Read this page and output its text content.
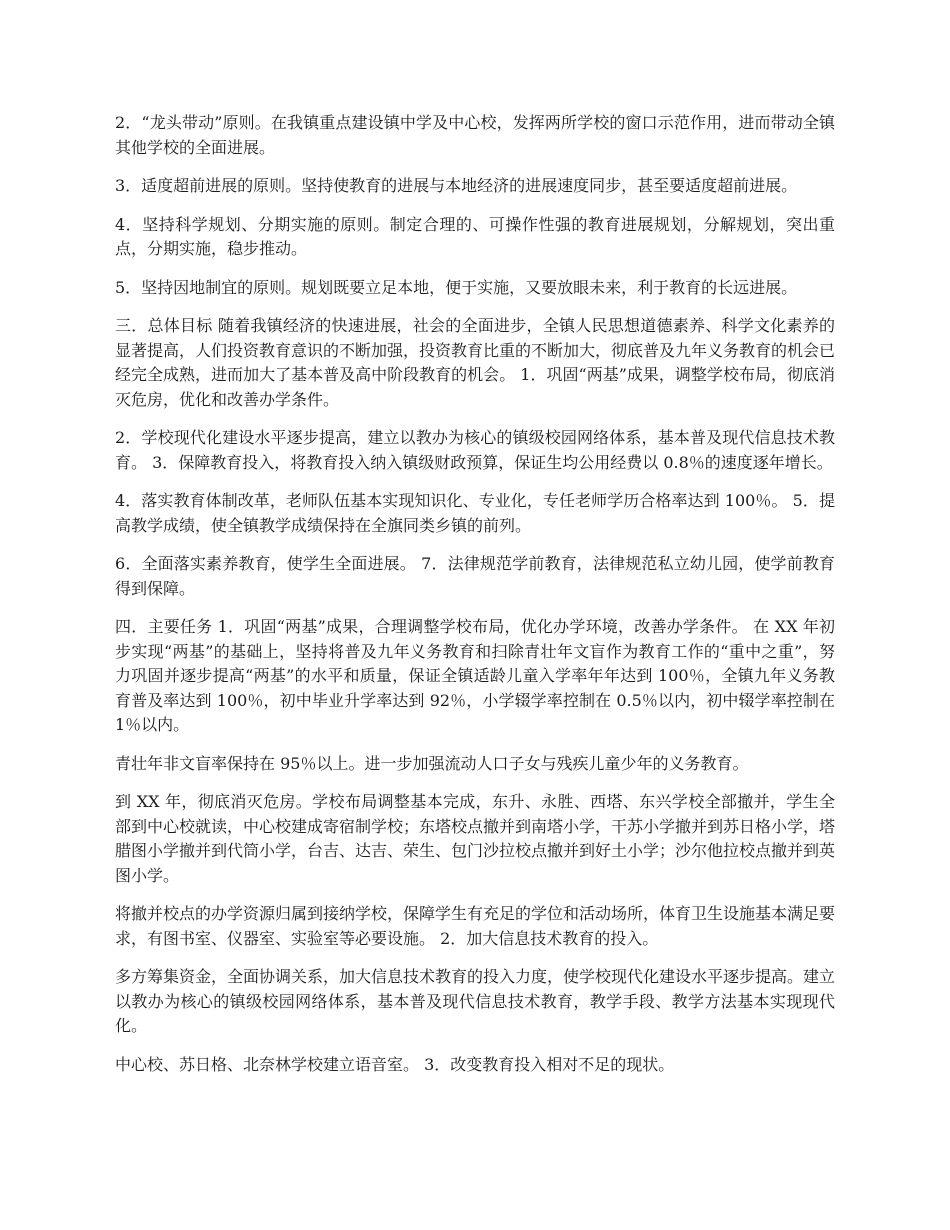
2．“龙头带动”原则。在我镇重点建设镇中学及中心校，发挥两所学校的窗口示范作用，进而带动全镇其他学校的全面进展。

3．适度超前进展的原则。坚持使教育的进展与本地经济的进展速度同步，甚至要适度超前进展。

4．坚持科学规划、分期实施的原则。制定合理的、可操作性强的教育进展规划，分解规划，突出重点，分期实施，稳步推动。

5．坚持因地制宜的原则。规划既要立足本地，便于实施，又要放眼未来，利于教育的长远进展。

三．总体目标 随着我镇经济的快速进展，社会的全面进步，全镇人民思想道德素养、科学文化素养的显著提高，人们投资教育意识的不断加强，投资教育比重的不断加大，彻底普及九年义务教育的机会已经完全成熟，进而加大了基本普及高中阶段教育的机会。 1．巩固“两基”成果，调整学校布局，彻底消灭危房，优化和改善办学条件。

2．学校现代化建设水平逐步提高，建立以教办为核心的镇级校园网络体系，基本普及现代信息技术教育。 3．保障教育投入，将教育投入纳入镇级财政预算，保证生均公用经费以 0.8％的速度逐年增长。

4．落实教育体制改革，老师队伍基本实现知识化、专业化，专任老师学历合格率达到 100％。 5．提高教学成绩，使全镇教学成绩保持在全旗同类乡镇的前列。

6．全面落实素养教育，使学生全面进展。 7．法律规范学前教育，法律规范私立幼儿园，使学前教育得到保障。

四．主要任务 1．巩固“两基”成果，合理调整学校布局，优化办学环境，改善办学条件。 在 XX 年初步实现“两基”的基础上，坚持将普及九年义务教育和扫除青壮年文盲作为教育工作的“重中之重”，努力巩固并逐步提高“两基”的水平和质量，保证全镇适龄儿童入学率年年达到 100％，全镇九年义务教育普及率达到 100％，初中毕业升学率达到 92％，小学辍学率控制在 0.5％以内，初中辍学率控制在 1％以内。

青壮年非文盲率保持在 95％以上。进一步加强流动人口子女与残疾儿童少年的义务教育。

到 XX 年，彻底消灭危房。学校布局调整基本完成，东升、永胜、西塔、东兴学校全部撤并，学生全部到中心校就读，中心校建成寄宿制学校；东塔校点撤并到南塔小学，干苏小学撤并到苏日格小学，塔腊图小学撤并到代筒小学，台吉、达吉、荣生、包门沙拉校点撤并到好土小学；沙尔他拉校点撤并到英图小学。

将撤并校点的办学资源归属到接纳学校，保障学生有充足的学位和活动场所，体育卫生设施基本满足要求，有图书室、仪器室、实验室等必要设施。 2．加大信息技术教育的投入。

多方筹集资金，全面协调关系，加大信息技术教育的投入力度，使学校现代化建设水平逐步提高。建立以教办为核心的镇级校园网络体系，基本普及现代信息技术教育，教学手段、教学方法基本实现现代化。

中心校、苏日格、北奈林学校建立语音室。 3．改变教育投入相对不足的现状。
